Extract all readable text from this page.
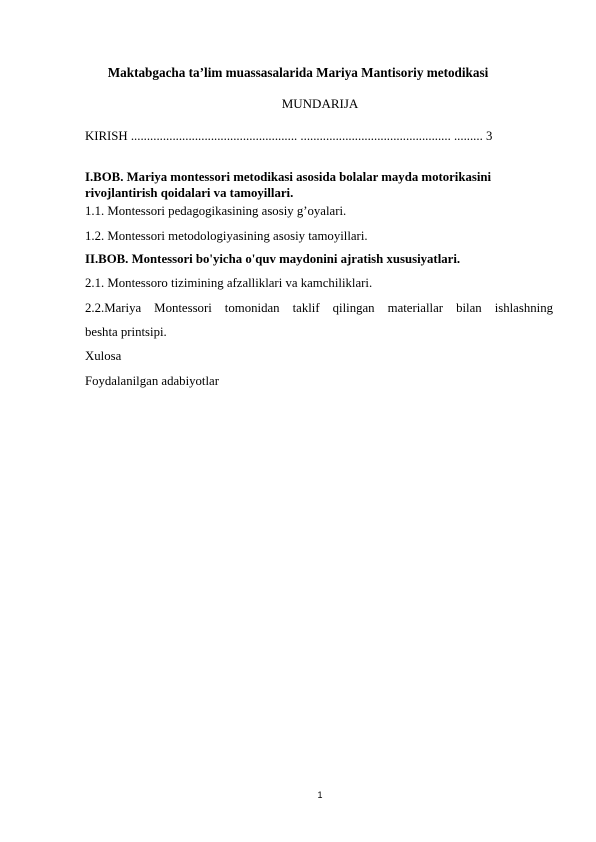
Maktabgacha ta’lim muassasalarida Mariya Mantisoriy metodikasi
MUNDARIJA
KIRISH .................................................... ............................................... ......... 3
I.BOB. Mariya montessori metodikasi asosida bolalar mayda motorikasini
rivojlantirish qoidalari va tamoyillari.
1.1. Montessori pedagogikasining asosiy g’oyalari.
1.2. Montessori metodologiyasining asosiy tamoyillari.
II.BOB. Montessori bo'yicha o'quv maydonini ajratish xususiyatlari.
2.1. Montessoro tizimining afzalliklari va kamchiliklari.
2.2.Mariya Montessori tomonidan taklif qilingan materiallar bilan ishlashning
beshta printsipi.
Xulosa
Foydalanilgan adabiyotlar
1
